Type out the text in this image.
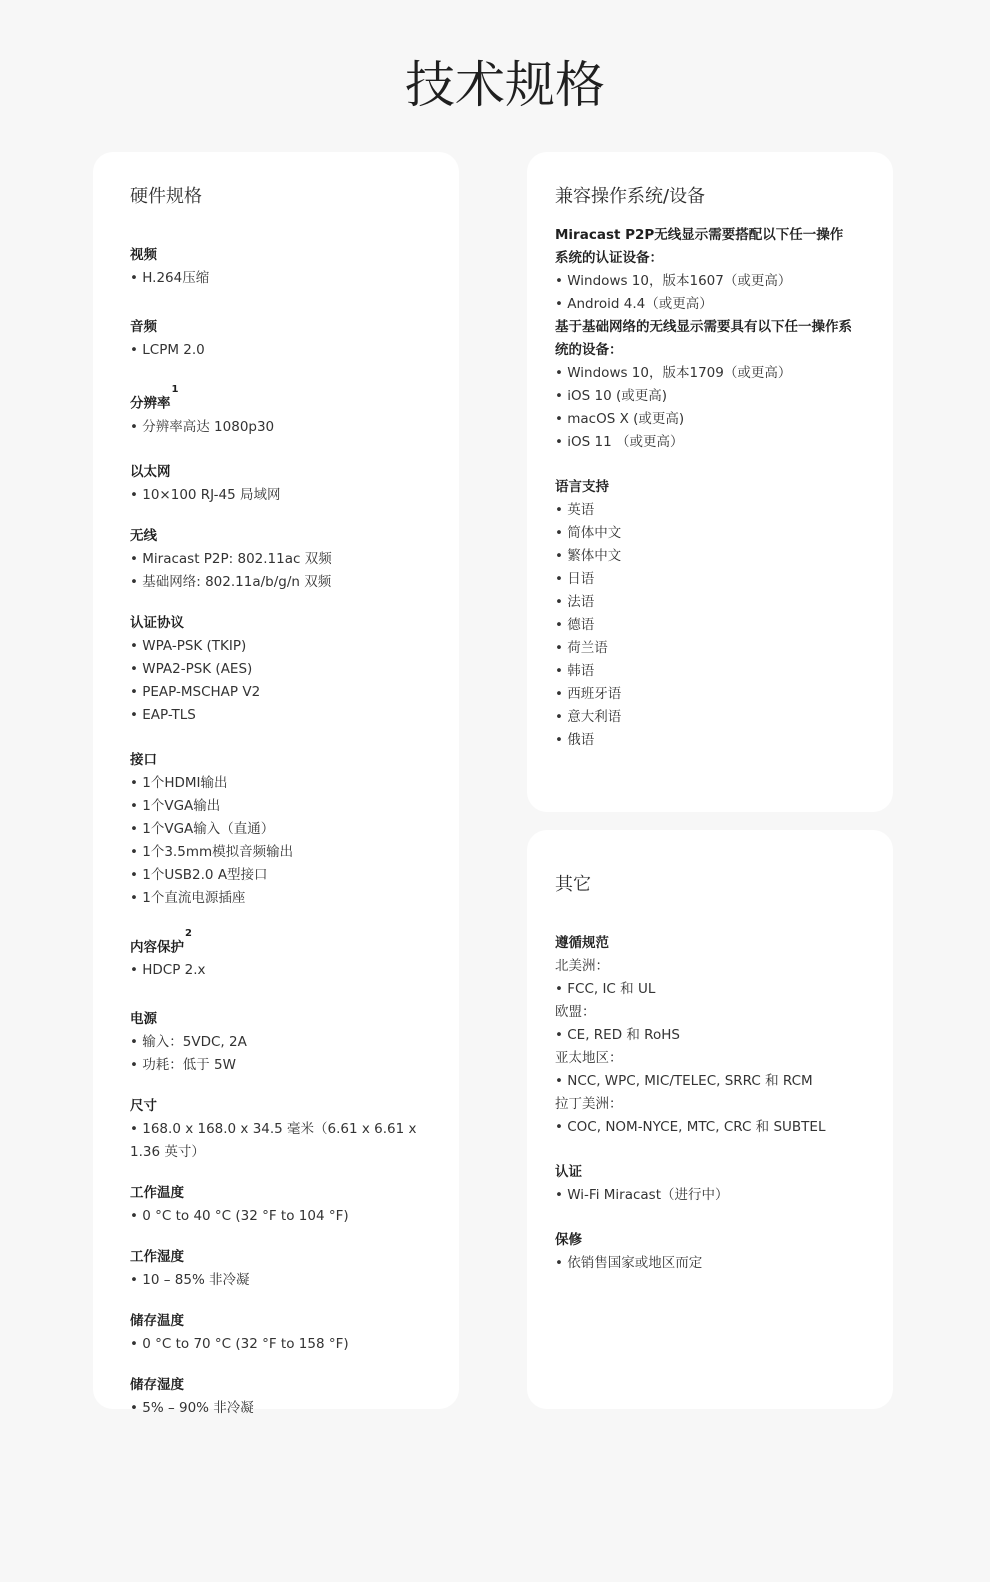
技术规格
硬件规格
视频
• H.264压缩
音频
• LCPM 2.0
分辨率$^1$
• 分辨率高达 1080p30
以太网
• 10×100 RJ-45 局域网
无线
• Miracast P2P: 802.11ac 双频
• 基础网络: 802.11a/b/g/n 双频
认证协议
• WPA-PSK (TKIP)
• WPA2-PSK (AES)
• PEAP-MSCHAP V2
• EAP-TLS
接口
• 1个HDMI输出
• 1个VGA输出
• 1个VGA输入（直通）
• 1个3.5mm模拟音频输出
• 1个USB2.0 A型接口
• 1个直流电源插座
内容保护$^2$
• HDCP 2.x
电源
• 输入：5VDC, 2A
• 功耗：低于 5W
尺寸
• 168.0 x 168.0 x 34.5 毫米（6.61 x 6.61 x 1.36 英寸）
工作温度
• 0 °C to 40 °C (32 °F to 104 °F)
工作湿度
• 10 – 85% 非冷凝
储存温度
• 0 °C to 70 °C (32 °F to 158 °F)
储存湿度
• 5% – 90% 非冷凝
兼容操作系统/设备
Miracast P2P无线显示需要搭配以下任一操作系统的认证设备：
• Windows 10，版本1607（或更高）
• Android 4.4（或更高）
基于基础网络的无线显示需要具有以下任一操作系统的设备：
• Windows 10，版本1709（或更高）
• iOS 10 (或更高)
• macOS X (或更高)
• iOS 11 （或更高）
语言支持
• 英语
• 简体中文
• 繁体中文
• 日语
• 法语
• 德语
• 荷兰语
• 韩语
• 西班牙语
• 意大利语
• 俄语
其它
遵循规范
北美洲：
• FCC, IC 和 UL
欧盟：
• CE, RED 和 RoHS
亚太地区：
• NCC, WPC, MIC/TELEC, SRRC 和 RCM
拉丁美洲：
• COC, NOM-NYCE, MTC, CRC 和 SUBTEL
认证
• Wi-Fi Miracast（进行中）
保修
• 依销售国家或地区而定
